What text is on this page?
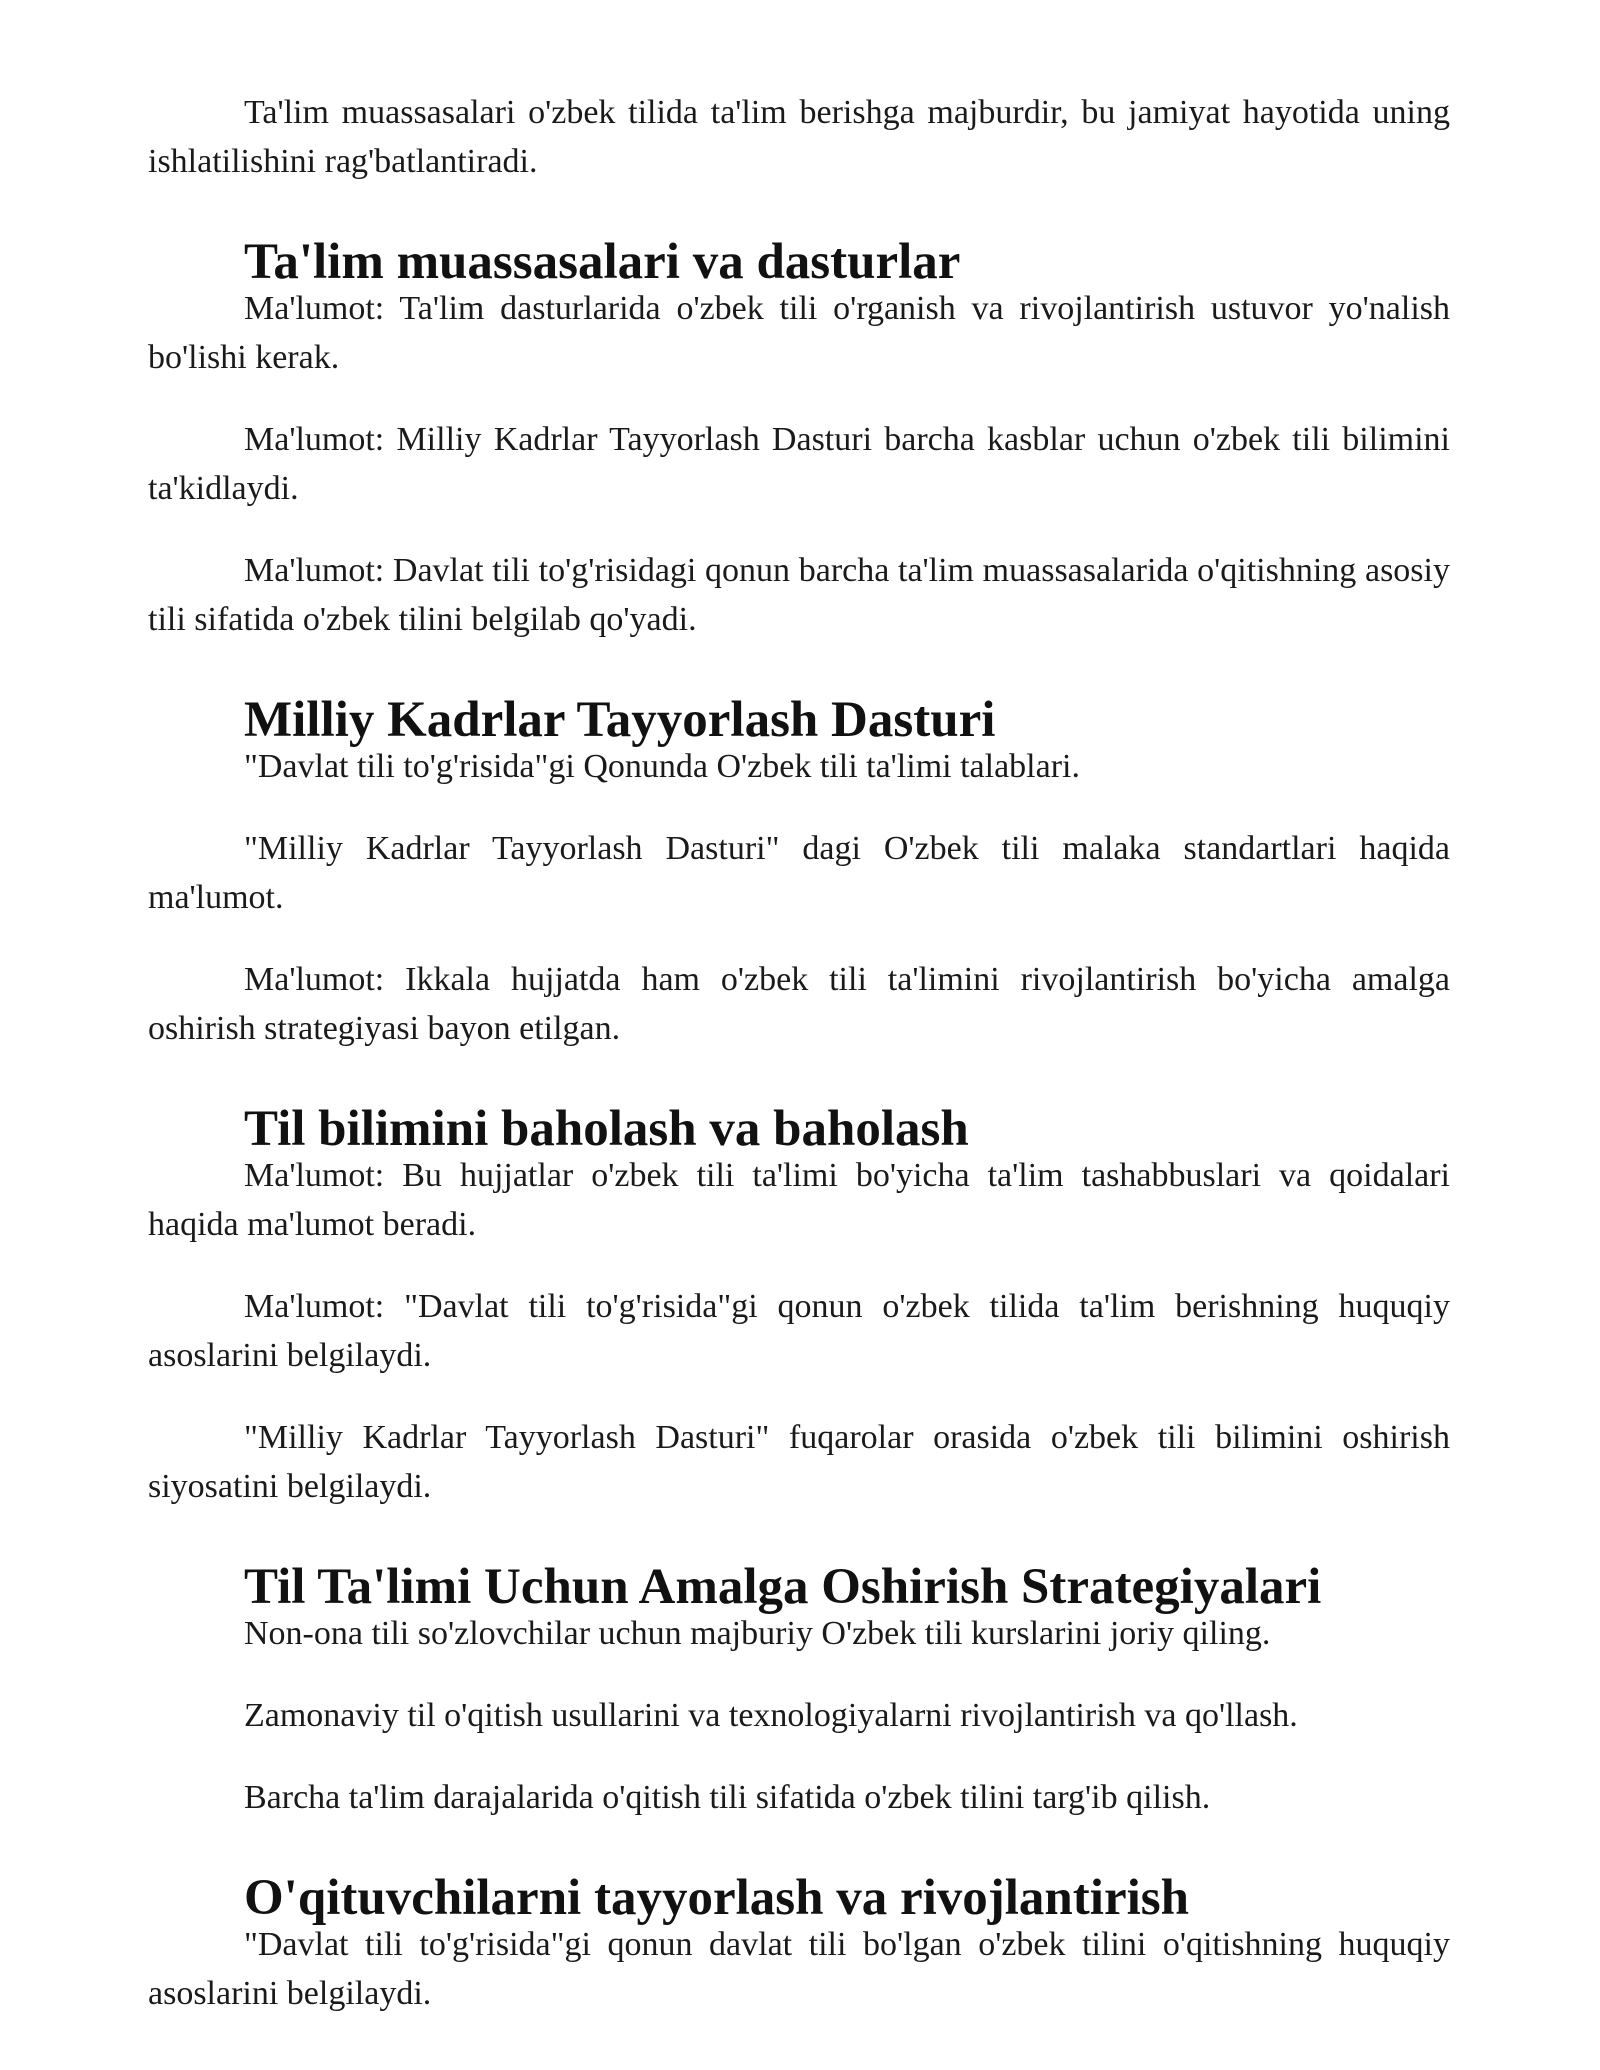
Ta'lim muassasalari o'zbek tilida ta'lim berishga majburdir, bu jamiyat hayotida uning ishlatilishini rag'batlantiradi.

Ta'lim muassasalari va dasturlar

Ma'lumot: Ta'lim dasturlarida o'zbek tili o'rganish va rivojlantirish ustuvor yo'nalish bo'lishi kerak.

Ma'lumot: Milliy Kadrlar Tayyorlash Dasturi barcha kasblar uchun o'zbek tili bilimini ta'kidlaydi.

Ma'lumot: Davlat tili to'g'risidagi qonun barcha ta'lim muassasalarida o'qitishning asosiy tili sifatida o'zbek tilini belgilab qo'yadi.

Milliy Kadrlar Tayyorlash Dasturi

"Davlat tili to'g'risida"gi Qonunda O'zbek tili ta'limi talablari.

"Milliy Kadrlar Tayyorlash Dasturi" dagi O'zbek tili malaka standartlari haqida ma'lumot.

Ma'lumot: Ikkala hujjatda ham o'zbek tili ta'limini rivojlantirish bo'yicha amalga oshirish strategiyasi bayon etilgan.

Til bilimini baholash va baholash

Ma'lumot: Bu hujjatlar o'zbek tili ta'limi bo'yicha ta'lim tashabbuslari va qoidalari haqida ma'lumot beradi.

Ma'lumot: "Davlat tili to'g'risida"gi qonun o'zbek tilida ta'lim berishning huquqiy asoslarini belgilaydi.

"Milliy Kadrlar Tayyorlash Dasturi" fuqarolar orasida o'zbek tili bilimini oshirish siyosatini belgilaydi.

Til Ta'limi Uchun Amalga Oshirish Strategiyalari

Non-ona tili so'zlovchilar uchun majburiy O'zbek tili kurslarini joriy qiling.

Zamonaviy til o'qitish usullarini va texnologiyalarni rivojlantirish va qo'llash.

Barcha ta'lim darajalarida o'qitish tili sifatida o'zbek tilini targ'ib qilish.

O'qituvchilarni tayyorlash va rivojlantirish

"Davlat tili to'g'risida"gi qonun davlat tili bo'lgan o'zbek tilini o'qitishning huquqiy asoslarini belgilaydi.
